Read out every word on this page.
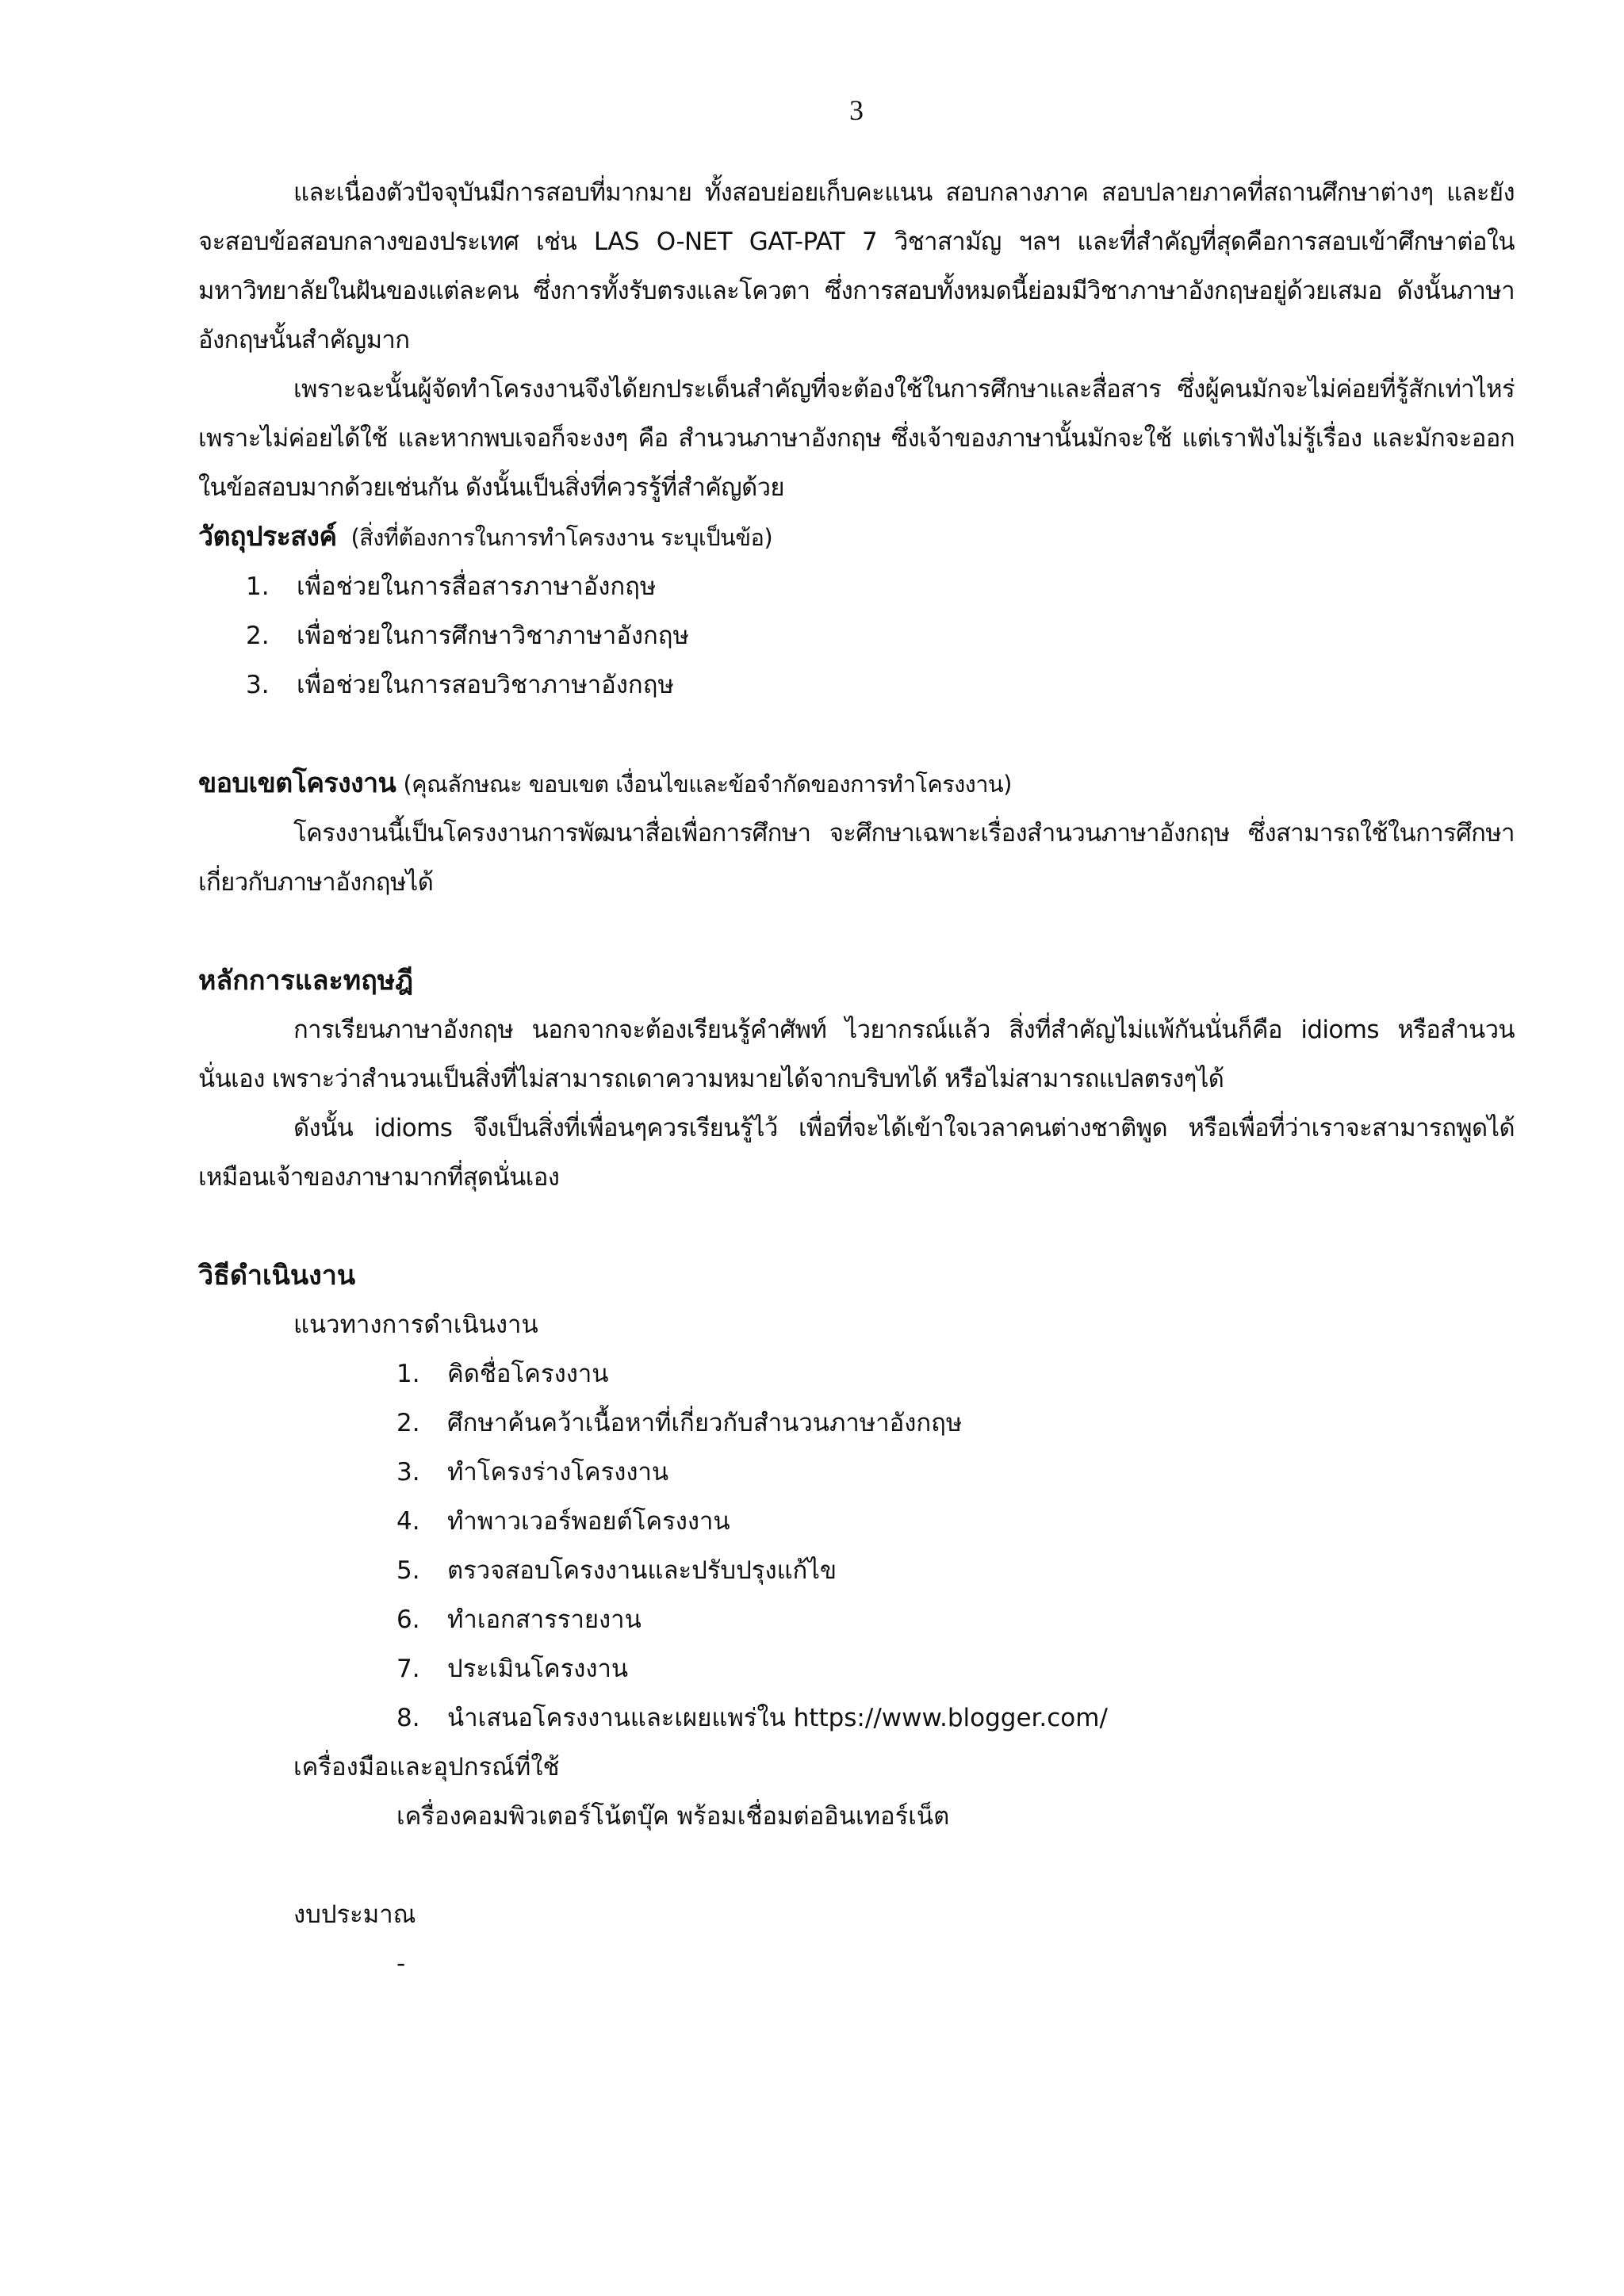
3

และเนื่องตัวปัจจุบันมีการสอบที่มากมาย ทั้งสอบย่อยเก็บคะแนน สอบกลางภาค สอบปลายภาคที่สถานศึกษาต่างๆ และยังจะสอบข้อสอบกลางของประเทศ เช่น LAS O-NET GAT-PAT 7 วิชาสามัญ ฯลฯ และที่สำคัญที่สุดคือการสอบเข้าศึกษาต่อในมหาวิทยาลัยในฝันของแต่ละคน ซึ่งการทั้งรับตรงและโควตา ซึ่งการสอบทั้งหมดนี้ย่อมมีวิชาภาษาอังกฤษอยู่ด้วยเสมอ ดังนั้นภาษาอังกฤษนั้นสำคัญมาก

เพราะฉะนั้นผู้จัดทำโครงงานจึงได้ยกประเด็นสำคัญที่จะต้องใช้ในการศึกษาและสื่อสาร ซึ่งผู้คนมักจะไม่ค่อยที่รู้สักเท่าไหร่ เพราะไม่ค่อยได้ใช้ และหากพบเจอก็จะงงๆ คือ สำนวนภาษาอังกฤษ ซึ่งเจ้าของภาษานั้นมักจะใช้ แต่เราฟังไม่รู้เรื่อง และมักจะออกในข้อสอบมากด้วยเช่นกัน ดังนั้นเป็นสิ่งที่ควรรู้ที่สำคัญด้วย

วัตถุประสงค์ (สิ่งที่ต้องการในการทำโครงงาน ระบุเป็นข้อ)

1.	เพื่อช่วยในการสื่อสารภาษาอังกฤษ
2.	เพื่อช่วยในการศึกษาวิชาภาษาอังกฤษ
3.	เพื่อช่วยในการสอบวิชาภาษาอังกฤษ

ขอบเขตโครงงาน (คุณลักษณะ ขอบเขต เงื่อนไขและข้อจำกัดของการทำโครงงาน)

โครงงานนี้เป็นโครงงานการพัฒนาสื่อเพื่อการศึกษา จะศึกษาเฉพาะเรื่องสำนวนภาษาอังกฤษ ซึ่งสามารถใช้ในการศึกษาเกี่ยวกับภาษาอังกฤษได้

หลักการและทฤษฎี

การเรียนภาษาอังกฤษ นอกจากจะต้องเรียนรู้คำศัพท์ ไวยากรณ์แล้ว สิ่งที่สำคัญไม่แพ้กันนั่นก็คือ idioms หรือสำนวนนั่นเอง เพราะว่าสำนวนเป็นสิ่งที่ไม่สามารถเดาความหมายได้จากบริบทได้ หรือไม่สามารถแปลตรงๆได้

ดังนั้น idioms จึงเป็นสิ่งที่เพื่อนๆควรเรียนรู้ไว้ เพื่อที่จะได้เข้าใจเวลาคนต่างชาติพูด หรือเพื่อที่ว่าเราจะสามารถพูดได้เหมือนเจ้าของภาษามากที่สุดนั่นเอง

วิธีดำเนินงาน

แนวทางการดำเนินงาน

1.	คิดชื่อโครงงาน
2.	ศึกษาค้นคว้าเนื้อหาที่เกี่ยวกับสำนวนภาษาอังกฤษ
3.	ทำโครงร่างโครงงาน
4.	ทำพาวเวอร์พอยต์โครงงาน
5.	ตรวจสอบโครงงานและปรับปรุงแก้ไข
6.	ทำเอกสารรายงาน
7.	ประเมินโครงงาน
8.	นำเสนอโครงงานและเผยแพร่ใน
https://www.blogger.com/

เครื่องมือและอุปกรณ์ที่ใช้

เครื่องคอมพิวเตอร์โน้ตบุ๊ค พร้อมเชื่อมต่ออินเทอร์เน็ต

งบประมาณ

-
